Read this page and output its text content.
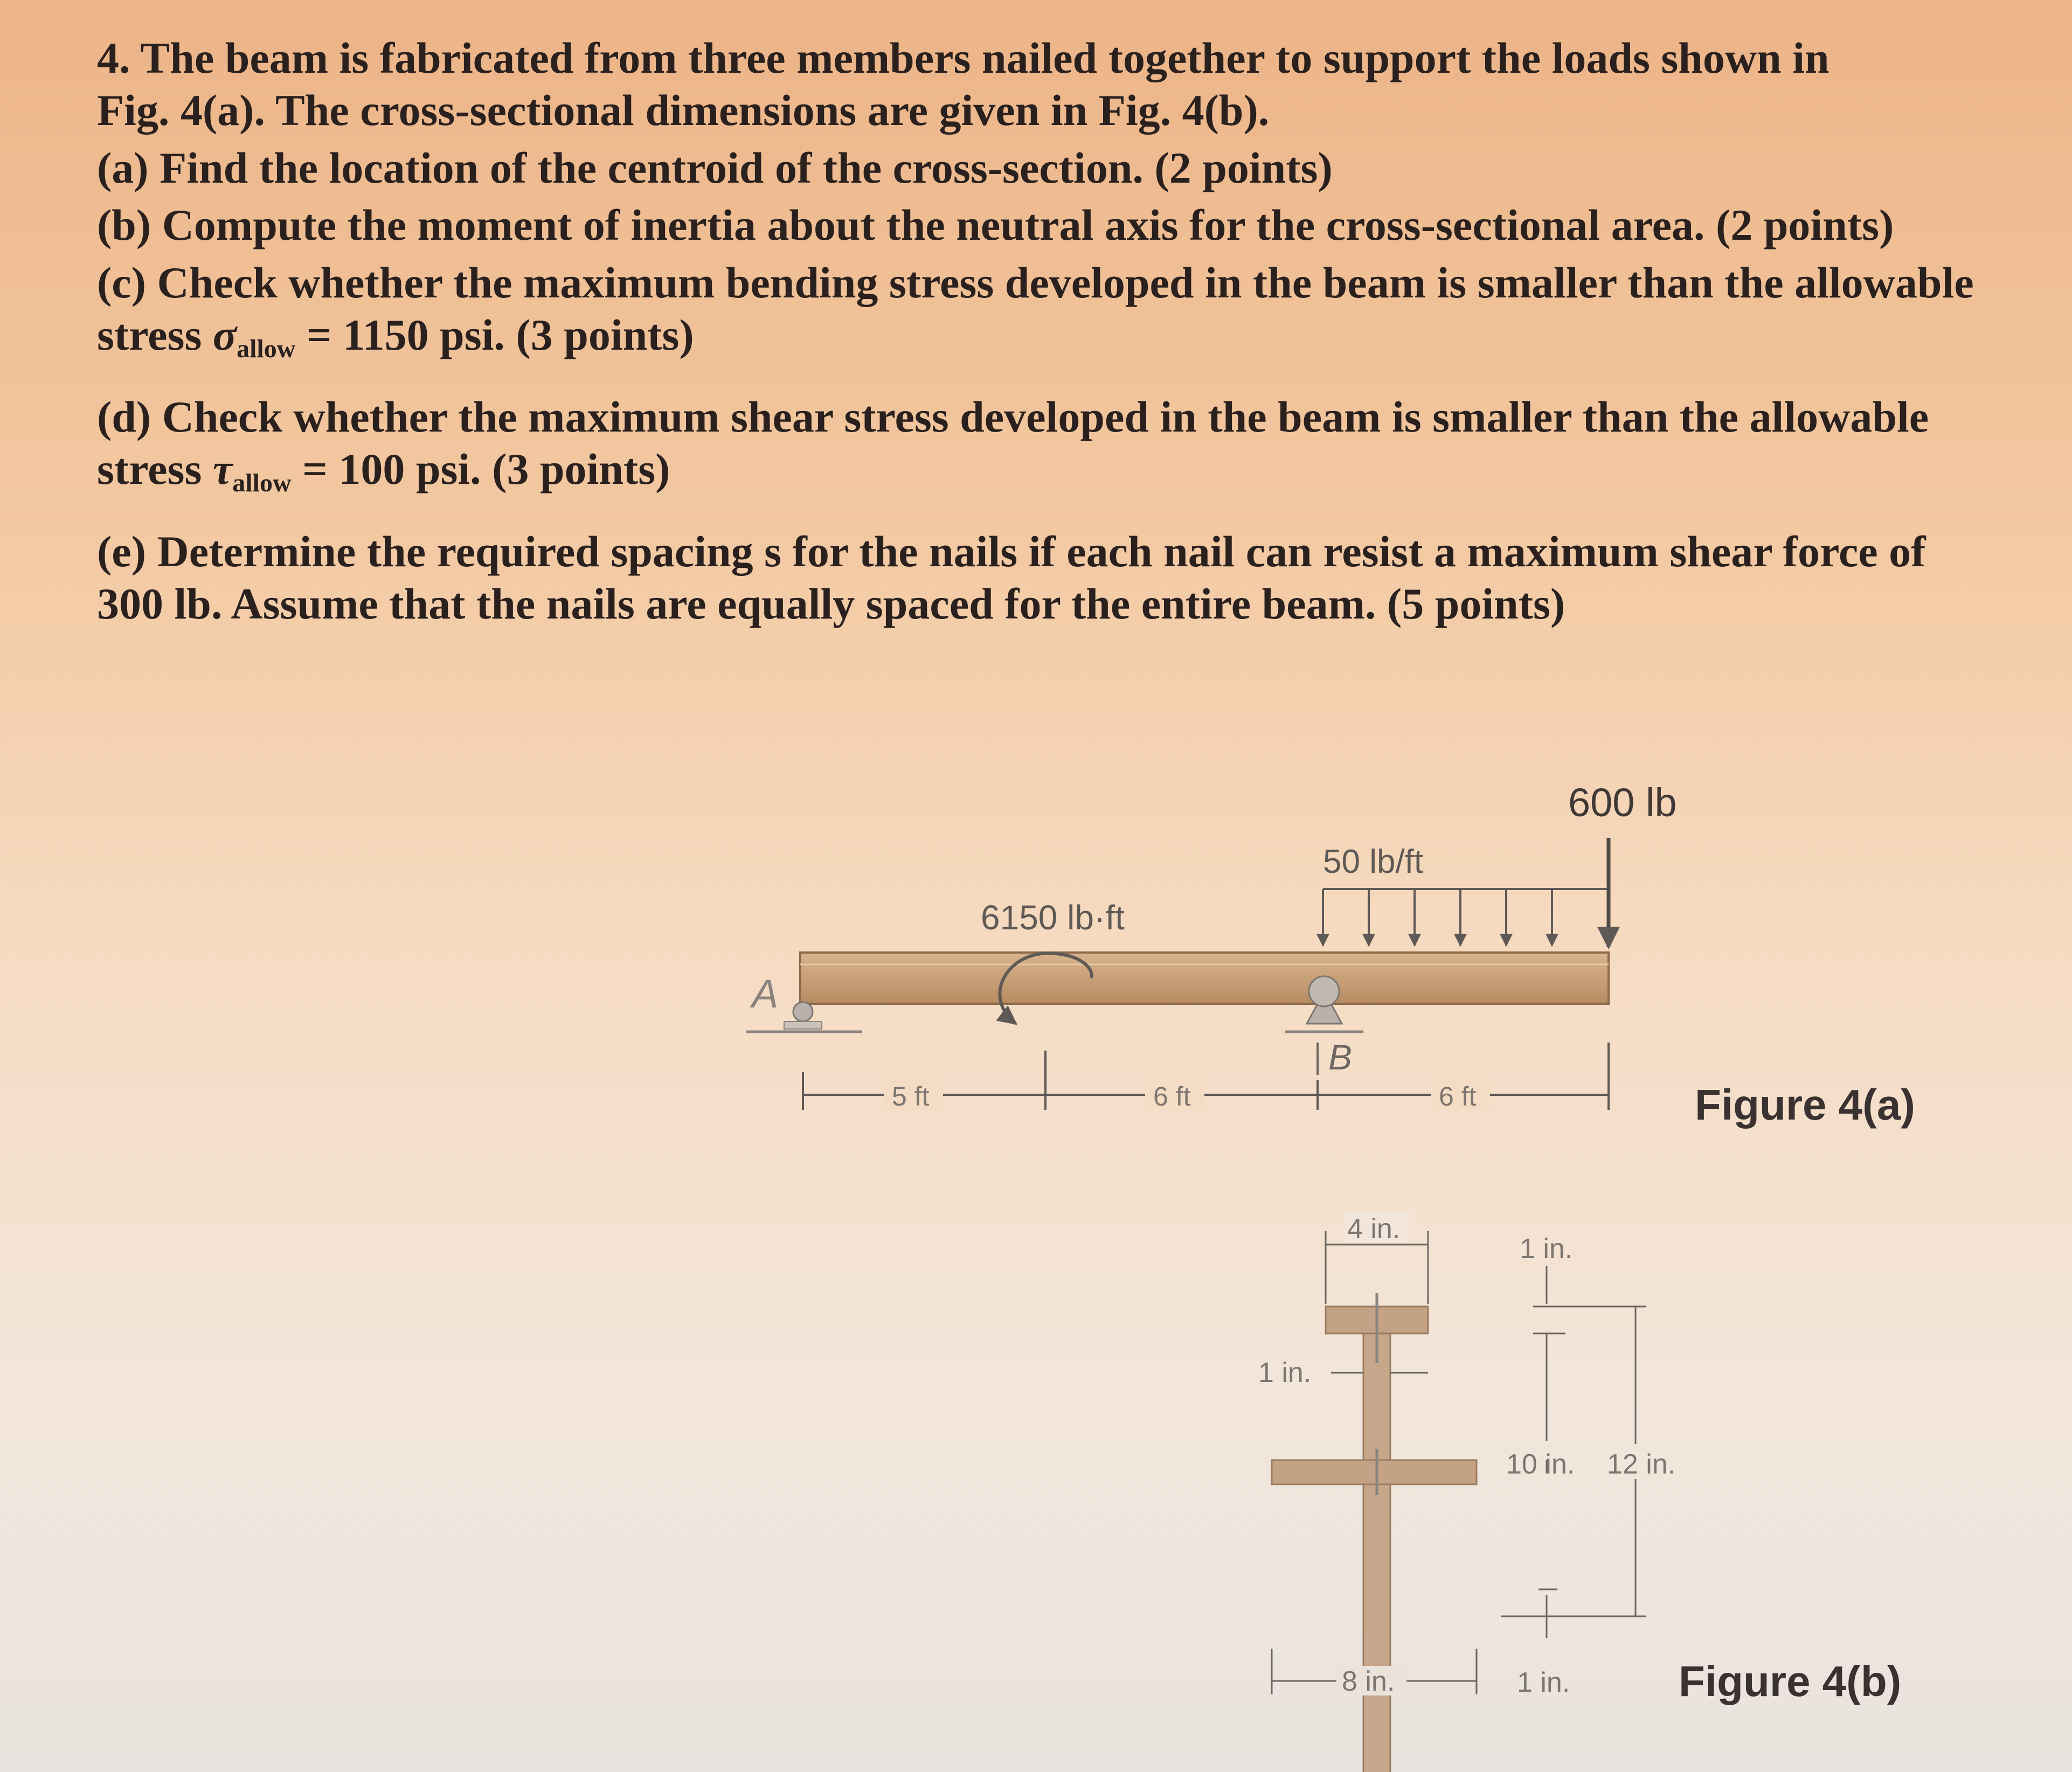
4. The beam is fabricated from three members nailed together to support the loads shown in
Fig. 4(a). The cross-sectional dimensions are given in Fig. 4(b).

(a) Find the location of the centroid of the cross-section. (2 points)

(b) Compute the moment of inertia about the neutral axis for the cross-sectional area. (2 points)

(c) Check whether the maximum bending stress developed in the beam is smaller than the allowable
stress $\sigma_{allow} = 1150$ psi. (3 points)

(d) Check whether the maximum shear stress developed in the beam is smaller than the allowable
stress $\tau_{allow} = 100$ psi. (3 points)

(e) Determine the required spacing s for the nails if each nail can resist a maximum shear force of
300 lb. Assume that the nails are equally spaced for the entire beam. (5 points)

A
B
6150 lb·ft
50 lb/ft
600 lb
5 ft	6 ft	6 ft	Figure 4(a)
4 in.
1 in.
1 in.
10 in. 12 in.
1 in.
8 in.	Figure 4(b)
